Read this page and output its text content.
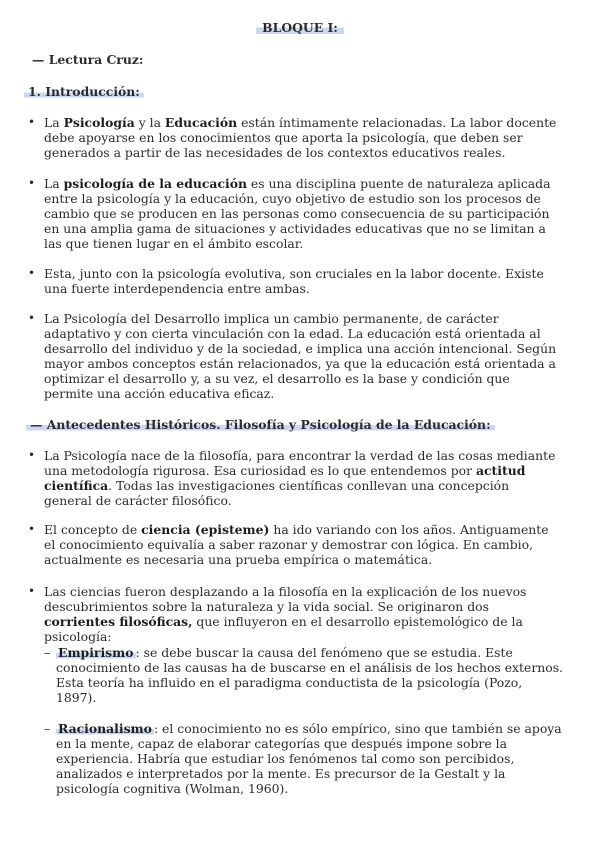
BLOQUE I:
— Lectura Cruz:
1. Introducción:
• La Psicología y la Educación están íntimamente relacionadas. La labor docente debe apoyarse en los conocimientos que aporta la psicología, que deben ser generados a partir de las necesidades de los contextos educativos reales.

• La psicología de la educación es una disciplina puente de naturaleza aplicada entre la psicología y la educación, cuyo objetivo de estudio son los procesos de cambio que se producen en las personas como consecuencia de su participación en una amplia gama de situaciones y actividades educativas que no se limitan a las que tienen lugar en el ámbito escolar.

• Esta, junto con la psicología evolutiva, son cruciales en la labor docente. Existe una fuerte interdependencia entre ambas.

• La Psicología del Desarrollo implica un cambio permanente, de carácter adaptativo y con cierta vinculación con la edad. La educación está orientada al desarrollo del individuo y de la sociedad, e implica una acción intencional. Según mayor ambos conceptos están relacionados, ya que la educación está orientada a optimizar el desarrollo y, a su vez, el desarrollo es la base y condición que permite una acción educativa eficaz.

— Antecedentes Históricos. Filosofía y Psicología de la Educación:
• La Psicología nace de la filosofía, para encontrar la verdad de las cosas mediante una metodología rigurosa. Esa curiosidad es lo que entendemos por actitud científica. Todas las investigaciones científicas conllevan una concepción general de carácter filosófico.

• El concepto de ciencia (episteme) ha ido variando con los años. Antiguamente el conocimiento equivalía a saber razonar y demostrar con lógica. En cambio, actualmente es necesaria una prueba empírica o matemática.

• Las ciencias fueron desplazando a la filosofía en la explicación de los nuevos descubrimientos sobre la naturaleza y la vida social. Se originaron dos corrientes filosóficas, que influyeron en el desarrollo epistemológico de la psicología:

– Empirismo : se debe buscar la causa del fenómeno que se estudia. Este conocimiento de las causas ha de buscarse en el análisis de los hechos externos. Esta teoría ha influido en el paradigma conductista de la psicología (Pozo, 1897).

– Racionalismo : el conocimiento no es sólo empírico, sino que también se apoya en la mente, capaz de elaborar categorías que después impone sobre la experiencia. Habría que estudiar los fenómenos tal como son percibidos, analizados e interpretados por la mente. Es precursor de la Gestalt y la psicología cognitiva (Wolman, 1960).
